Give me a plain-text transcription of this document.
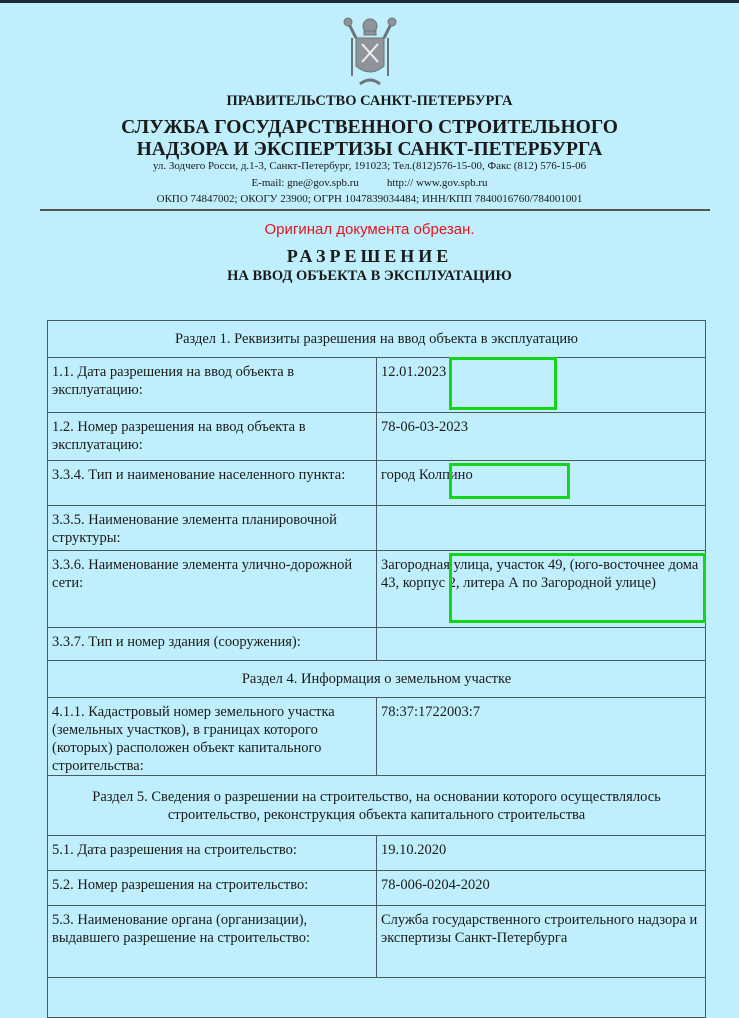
ПРАВИТЕЛЬСТВО САНКТ-ПЕТЕРБУРГА
СЛУЖБА ГОСУДАРСТВЕННОГО СТРОИТЕЛЬНОГО
НАДЗОРА И ЭКСПЕРТИЗЫ САНКТ-ПЕТЕРБУРГА
ул. Зодчего Росси, д.1-3, Санкт-Петербург, 191023; Тел.(812)576-15-00, Факс (812) 576-15-06
E-mail: gne@gov.spb.ru	http:// www.gov.spb.ru
ОКПО 74847002; ОКОГУ 23900; ОГРН 1047839034484; ИНН/КПП 7840016760/784001001
Оригинал документа обрезан.
РАЗРЕШЕНИЕ
НА ВВОД ОБЪЕКТА В ЭКСПЛУАТАЦИЮ
Раздел 1. Реквизиты разрешения на ввод объекта в эксплуатацию	
1.1. Дата разрешения на ввод объекта в эксплуатацию:	12.01.2023
1.2. Номер разрешения на ввод объекта в эксплуатацию:	78-06-03-2023
3.3.4. Тип и наименование населенного пункта:	город Колпино
3.3.5. Наименование элемента планировочной структуры:	
3.3.6. Наименование элемента улично-дорожной сети:	Загородная улица, участок 49, (юго-восточнее дома 43, корпус 2, литера А по Загородной улице)
3.3.7. Тип и номер здания (сооружения):	
Раздел 4. Информация о земельном участке	
4.1.1. Кадастровый номер земельного участка (земельных участков), в границах которого (которых) расположен объект капитального строительства:	78:37:1722003:7
Раздел 5. Сведения о разрешении на строительство, на основании которого осуществлялось строительство, реконструкция объекта капитального строительства	
5.1. Дата разрешения на строительство:	19.10.2020
5.2. Номер разрешения на строительство:	78-006-0204-2020
5.3. Наименование органа (организации), выдавшего разрешение на строительство:	Служба государственного строительного надзора и экспертизы Санкт-Петербурга
